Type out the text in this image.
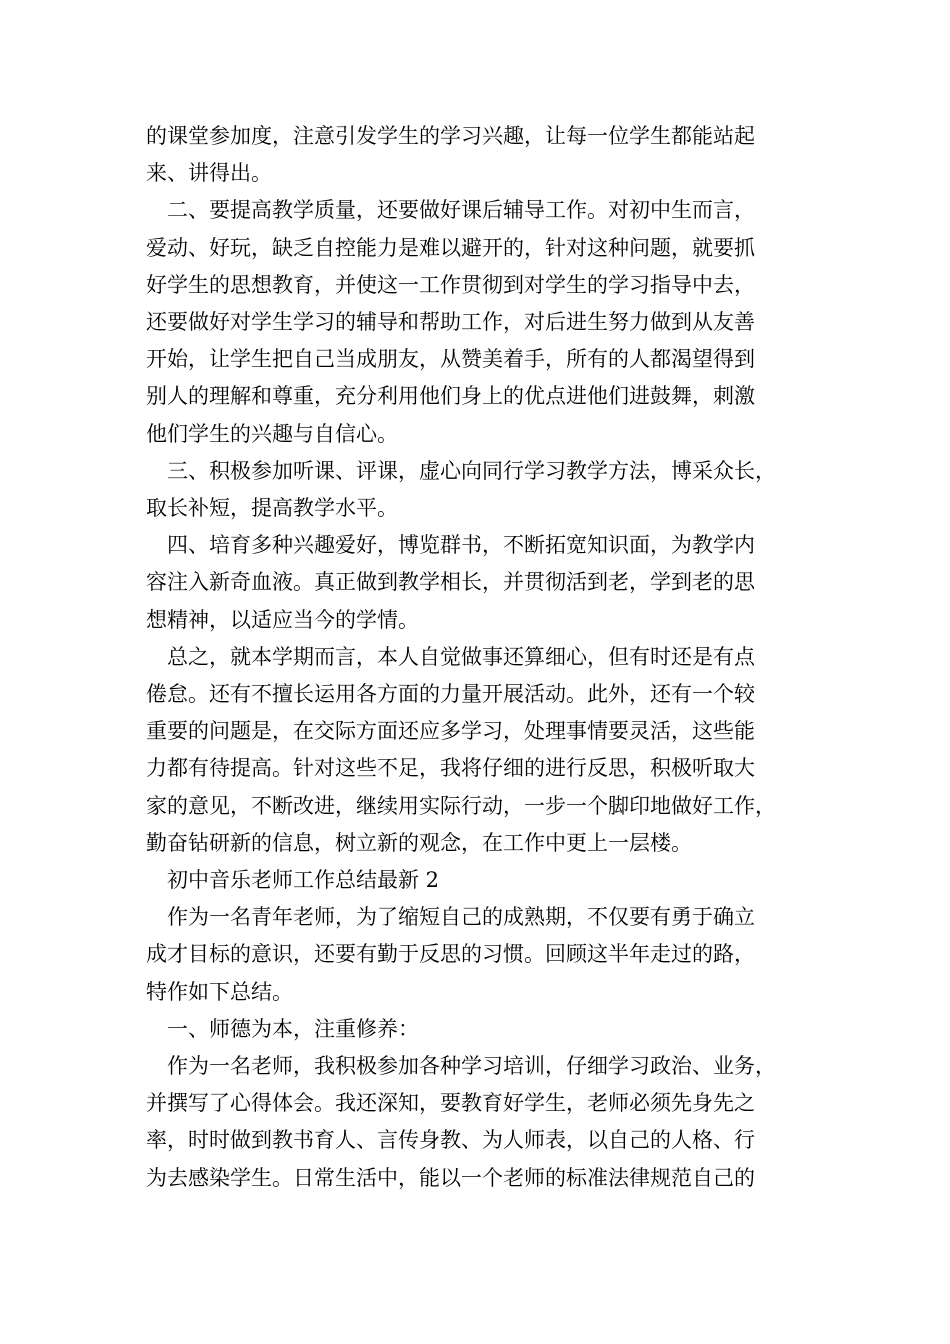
的课堂参加度，注意引发学生的学习兴趣，让每一位学生都能站起

来、讲得出。

二、要提高教学质量，还要做好课后辅导工作。对初中生而言，

爱动、好玩，缺乏自控能力是难以避开的，针对这种问题，就要抓

好学生的思想教育，并使这一工作贯彻到对学生的学习指导中去，

还要做好对学生学习的辅导和帮助工作，对后进生努力做到从友善

开始，让学生把自己当成朋友，从赞美着手，所有的人都渴望得到

别人的理解和尊重，充分利用他们身上的优点进他们进鼓舞，刺激

他们学生的兴趣与自信心。

三、积极参加听课、评课，虚心向同行学习教学方法，博采众长，

取长补短，提高教学水平。

四、培育多种兴趣爱好，博览群书，不断拓宽知识面，为教学内

容注入新奇血液。真正做到教学相长，并贯彻活到老，学到老的思

想精神，以适应当今的学情。

总之，就本学期而言，本人自觉做事还算细心，但有时还是有点

倦怠。还有不擅长运用各方面的力量开展活动。此外，还有一个较

重要的问题是，在交际方面还应多学习，处理事情要灵活，这些能

力都有待提高。针对这些不足，我将仔细的进行反思，积极听取大

家的意见，不断改进，继续用实际行动，一步一个脚印地做好工作，

勤奋钻研新的信息，树立新的观念，在工作中更上一层楼。

初中音乐老师工作总结最新 2

作为一名青年老师，为了缩短自己的成熟期，不仅要有勇于确立

成才目标的意识，还要有勤于反思的习惯。回顾这半年走过的路，

特作如下总结。

一、师德为本，注重修养：

作为一名老师，我积极参加各种学习培训，仔细学习政治、业务，

并撰写了心得体会。我还深知，要教育好学生，老师必须先身先之

率，时时做到教书育人、言传身教、为人师表，以自己的人格、行

为去感染学生。日常生活中，能以一个老师的标准法律规范自己的
